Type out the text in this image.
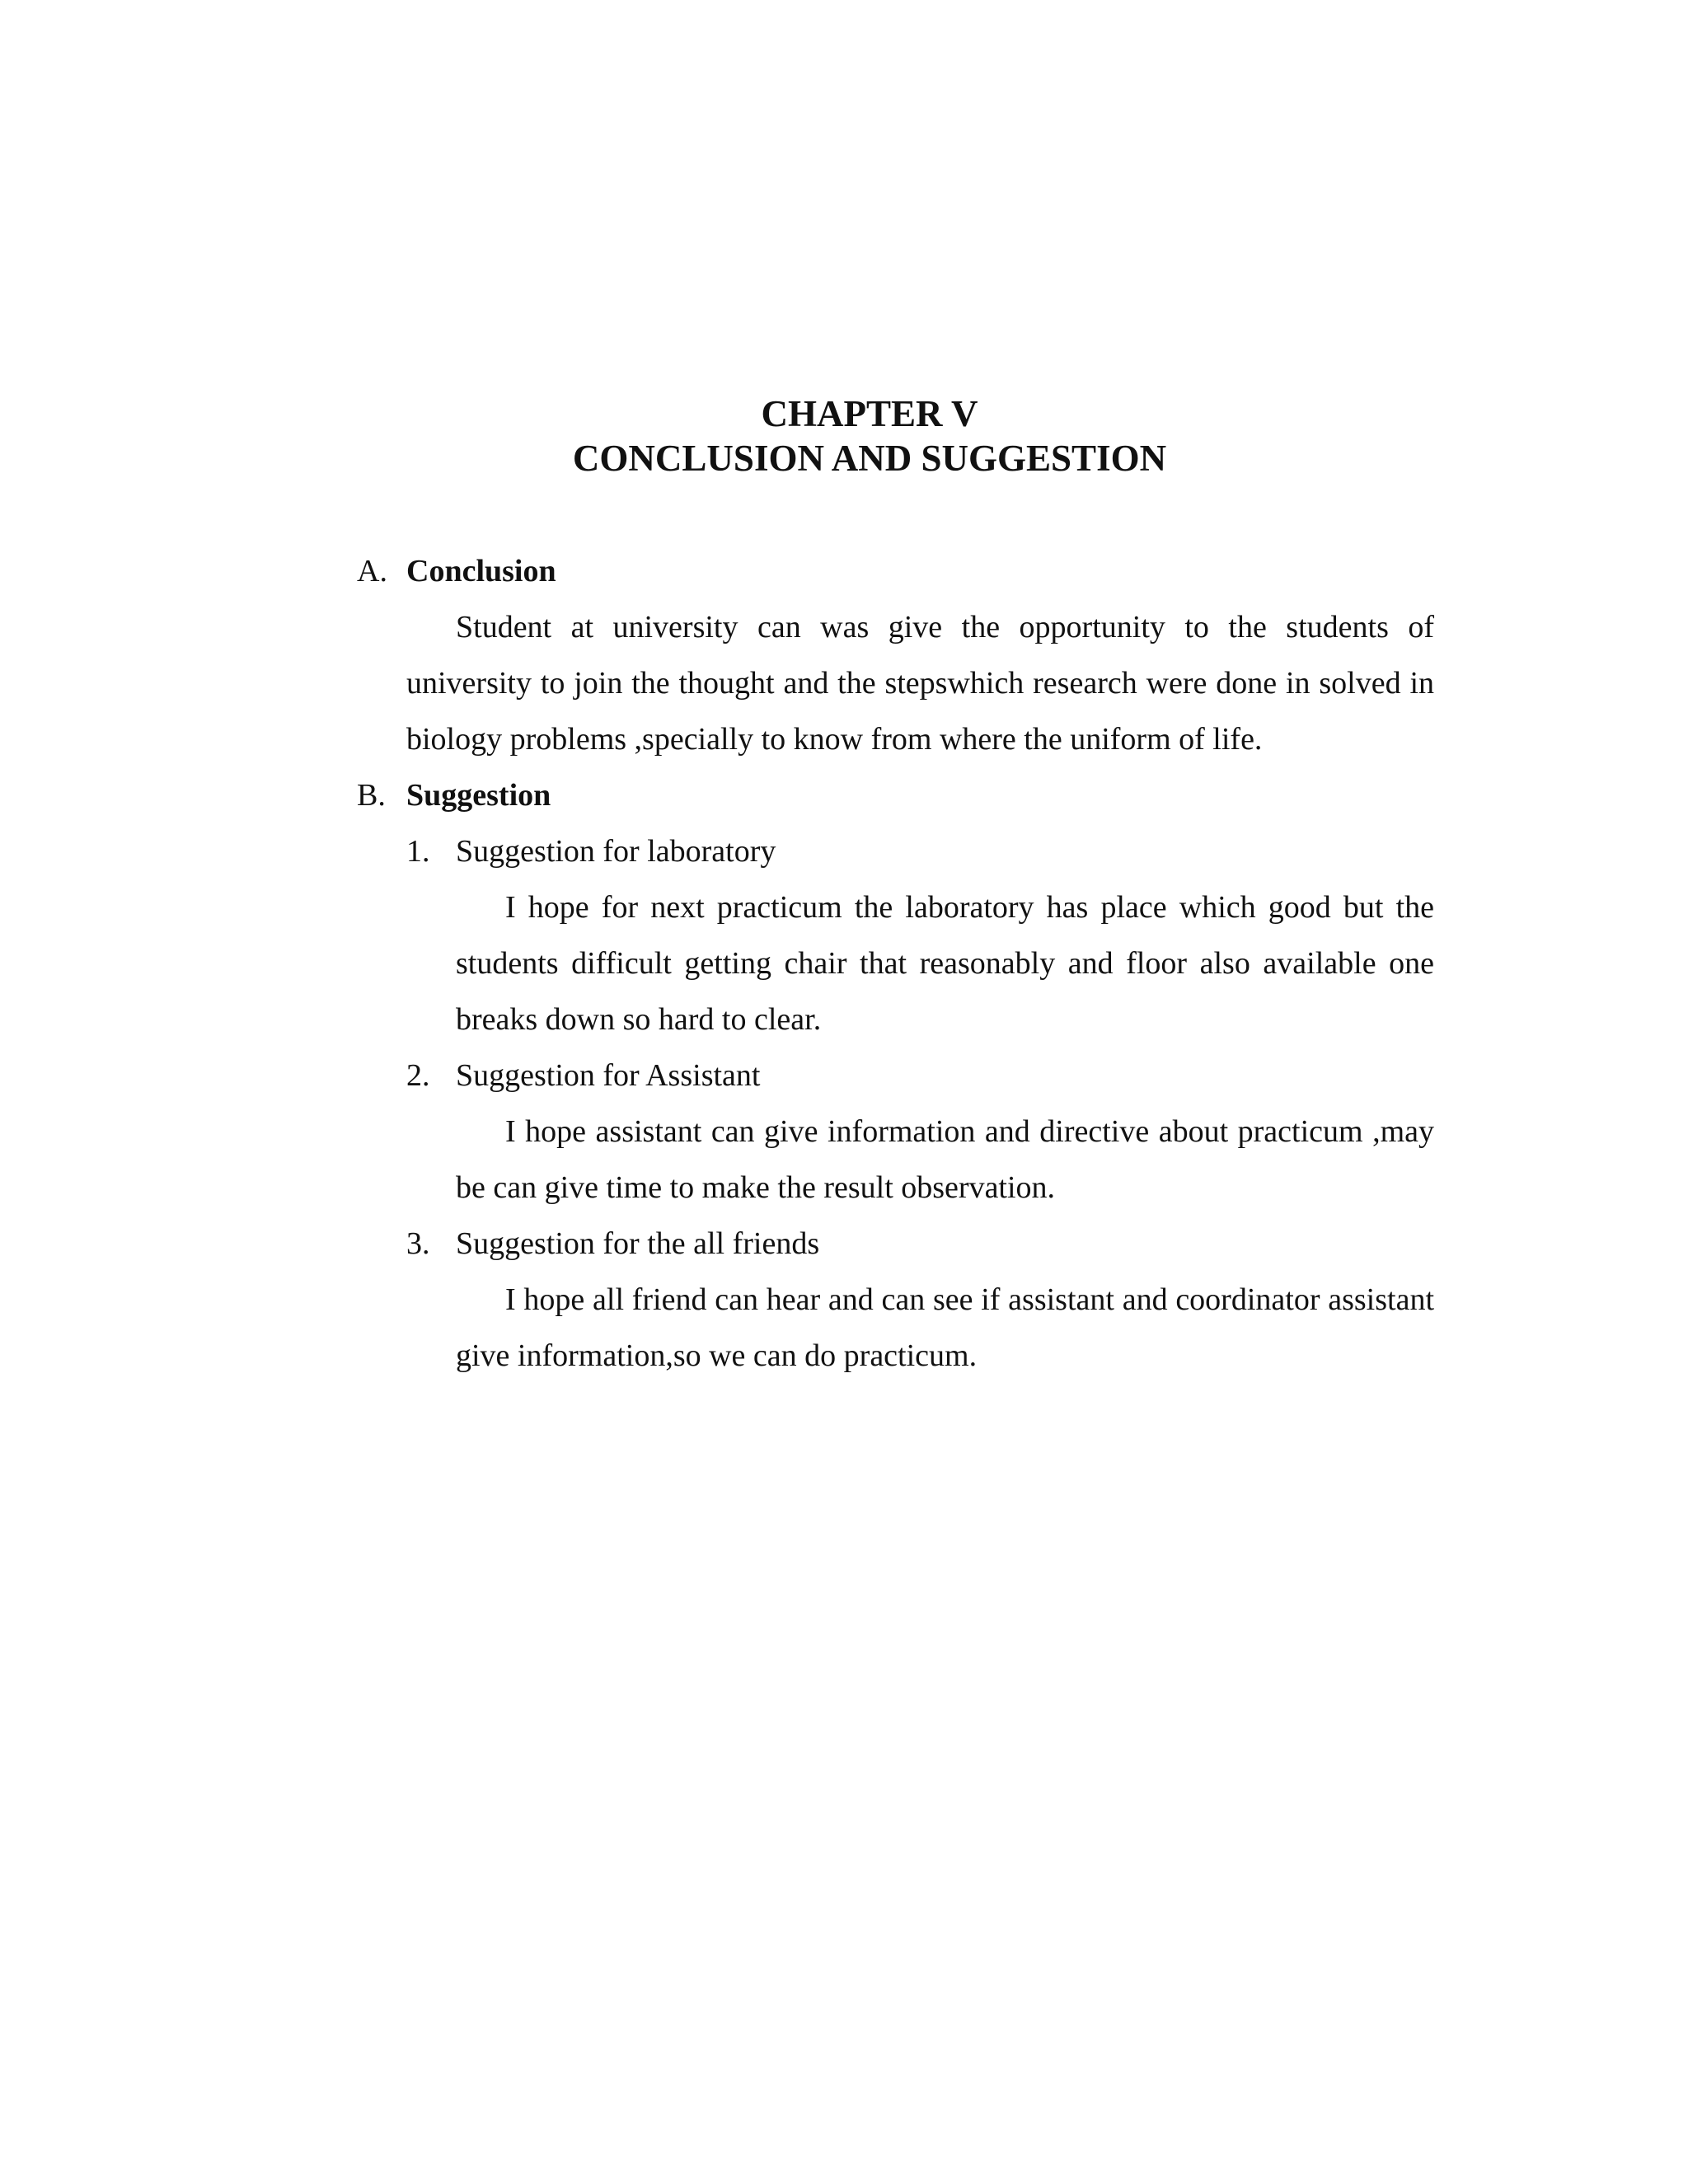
CHAPTER V
CONCLUSION AND SUGGESTION
A. Conclusion
Student at university can was give the opportunity to the students of university to join the thought and the stepswhich research were done in solved in biology problems ,specially to know from where the uniform of life.
B. Suggestion
1. Suggestion for laboratory
I hope for next practicum the laboratory has place which good but the students difficult getting chair that reasonably and floor also available one breaks down so hard to clear.
2. Suggestion for Assistant
I hope assistant can give information and directive about practicum ,may be can give time to make the result observation.
3. Suggestion for the all friends
I hope all friend can hear and can see if assistant and coordinator assistant give information,so we can do practicum.
